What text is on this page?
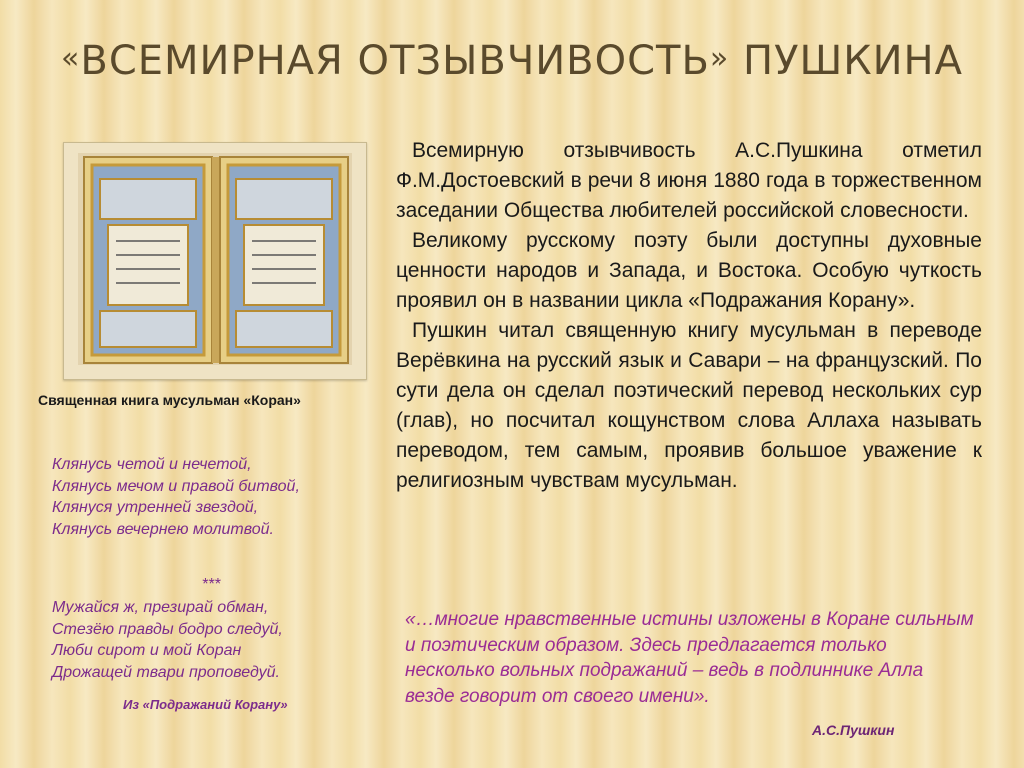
«ВСЕМИРНАЯ ОТЗЫВЧИВОСТЬ» ПУШКИНА
Священная книга мусульман «Коран»
Клянусь четой и нечетой,
Клянусь мечом и правой битвой,
Клянуся утренней звездой,
Клянусь вечернею молитвой.
***
Мужайся ж, презирай обман,
Стезёю правды бодро следуй,
Люби сирот и мой Коран
Дрожащей твари проповедуй.
Из «Подражаний Корану»

Всемирную отзывчивость А.С.Пушкина отметил Ф.М.Достоевский в речи 8 июня 1880 года в торжественном заседании Общества любителей российской словесности.

Великому русскому поэту были доступны духовные ценности народов и Запада, и Востока. Особую чуткость проявил он в названии цикла «Подражания Корану».

Пушкин читал священную книгу мусульман в переводе Верёвкина на русский язык и Савари – на французский. По сути дела он сделал поэтический перевод нескольких сур (глав), но посчитал кощунством слова Аллаха называть переводом, тем самым, проявив большое уважение к религиозным чувствам мусульман.

«…многие нравственные истины изложены в Коране сильным и поэтическим образом. Здесь предлагается только несколько вольных подражаний – ведь в подлиннике Алла везде говорит от своего имени».
А.С.Пушкин
